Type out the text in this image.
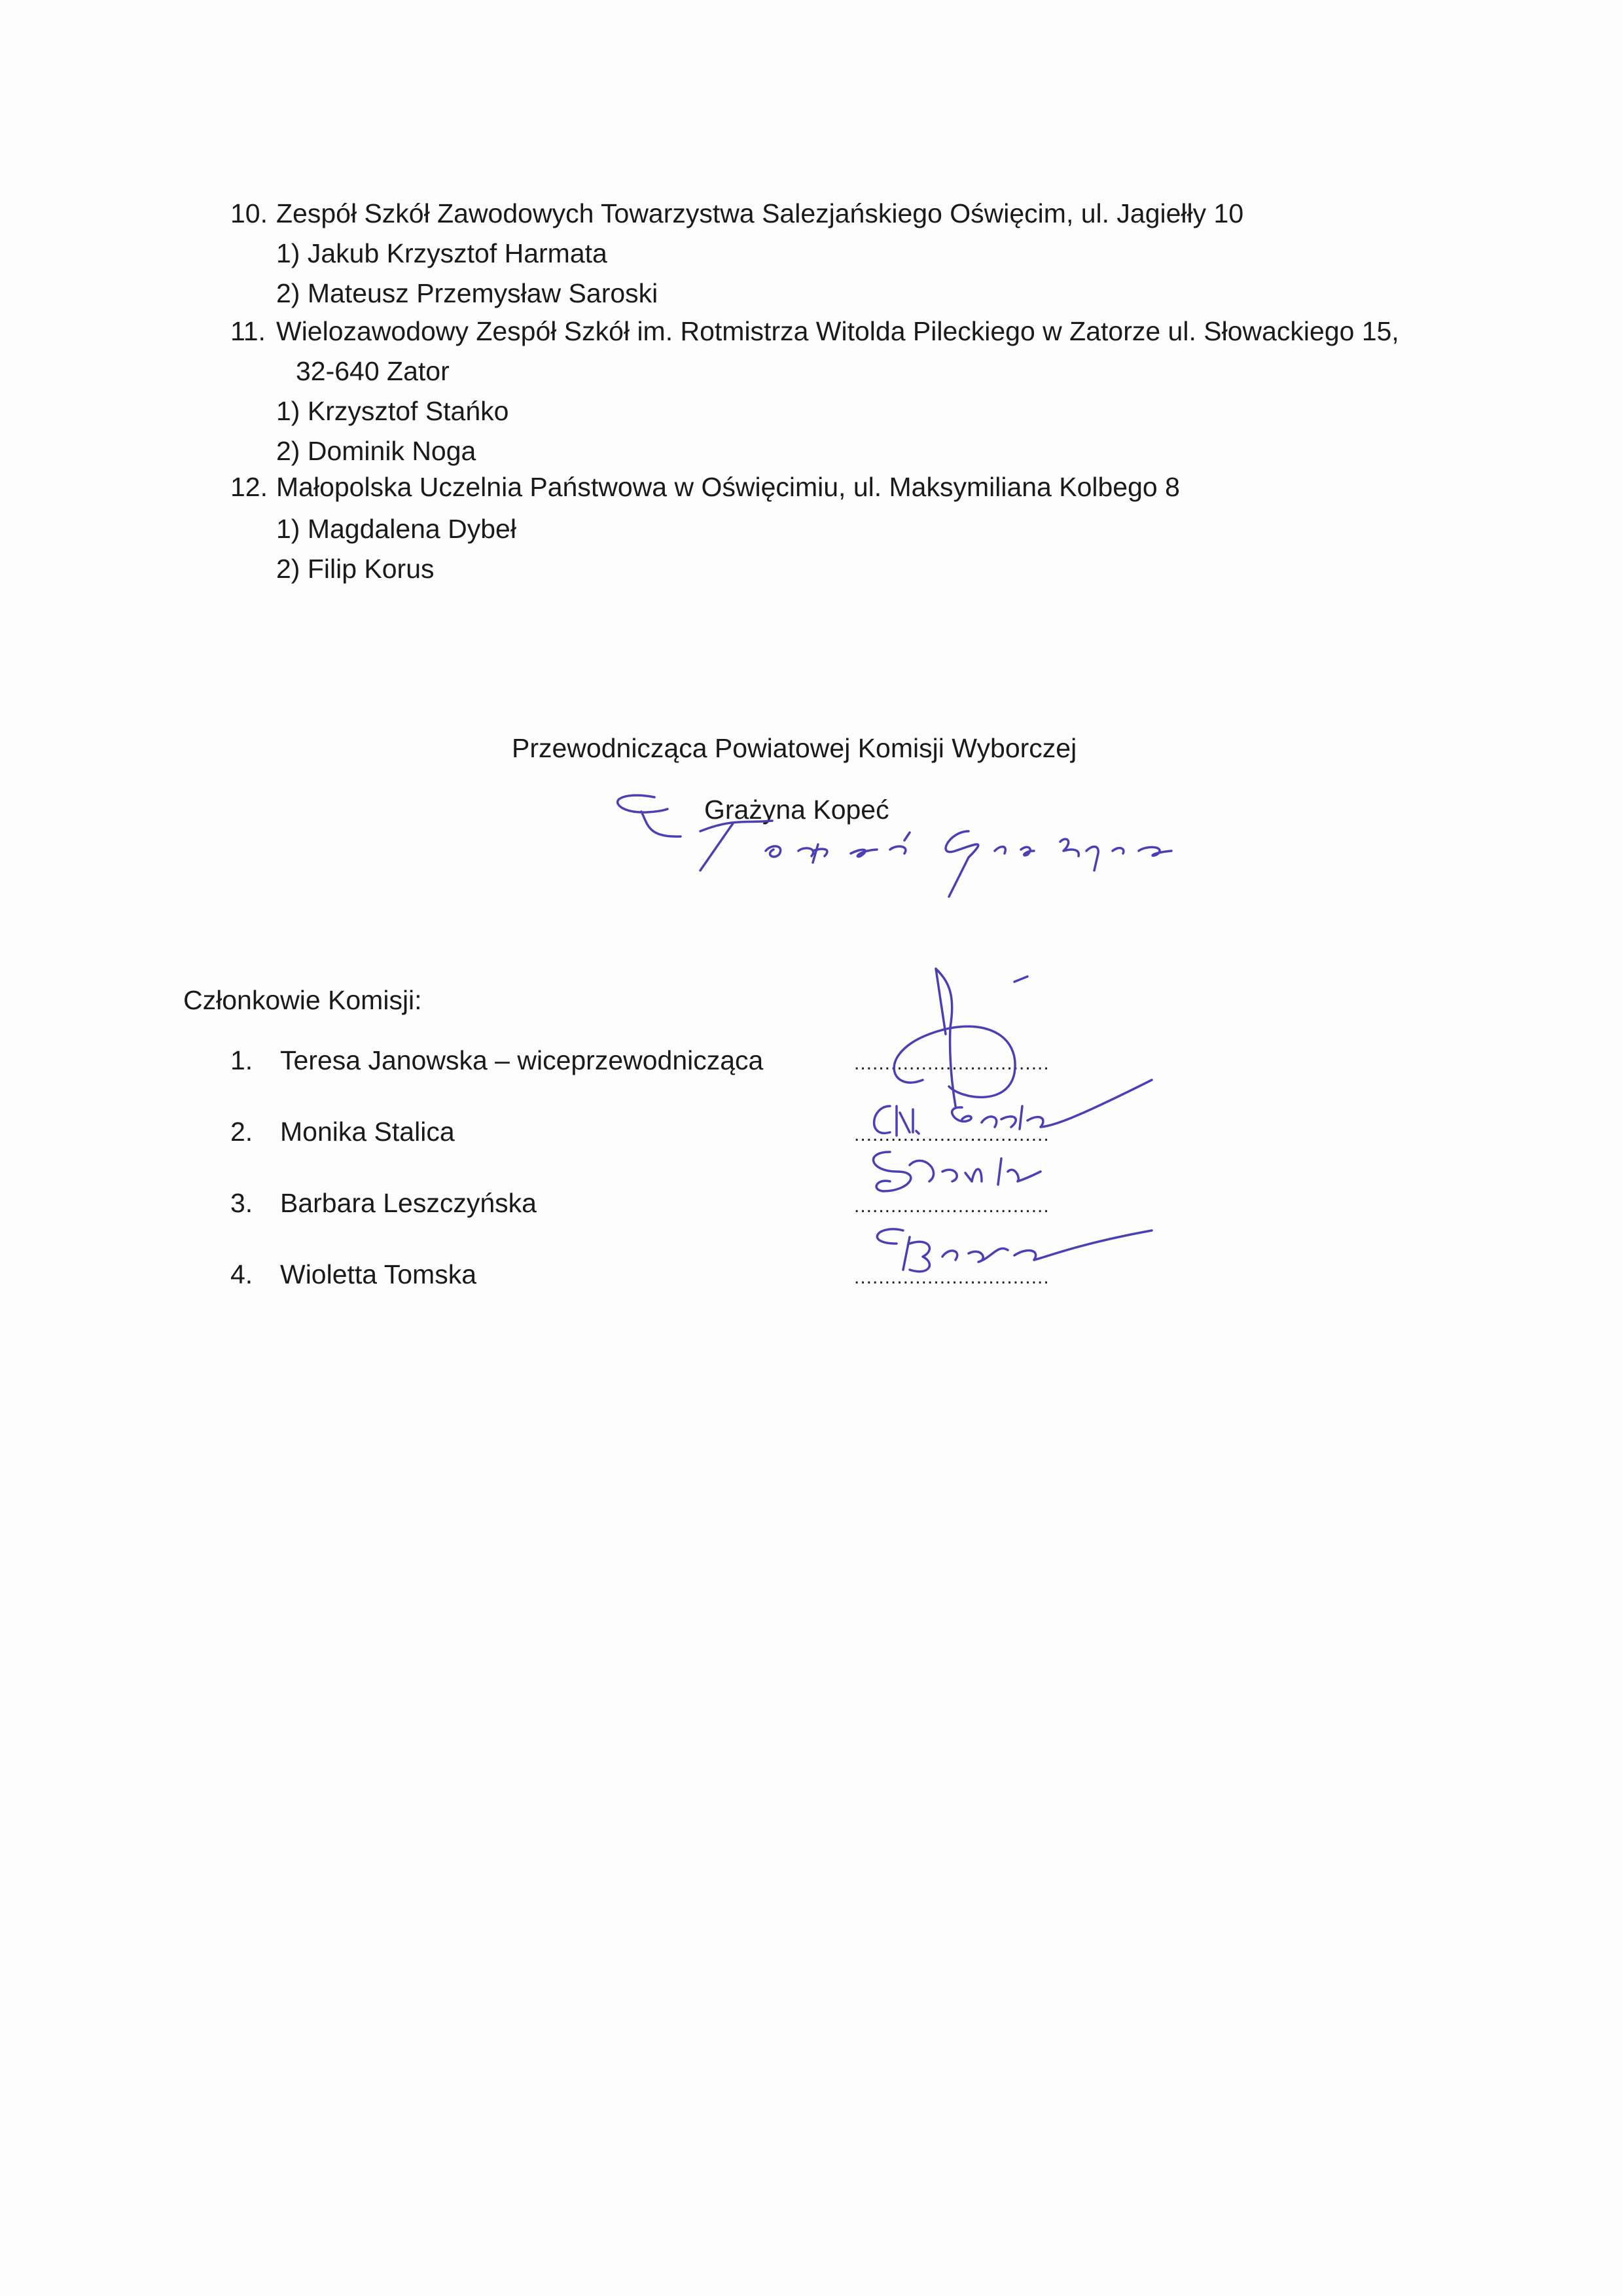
10. Zespół Szkół Zawodowych Towarzystwa Salezjańskiego Oświęcim, ul. Jagiełły 10
1) Jakub Krzysztof Harmata
2) Mateusz Przemysław Saroski
11. Wielozawodowy Zespół Szkół im. Rotmistrza Witolda Pileckiego w Zatorze ul. Słowackiego 15,
32-640 Zator
1) Krzysztof Stańko
2) Dominik Noga
12. Małopolska Uczelnia Państwowa w Oświęcimiu, ul. Maksymiliana Kolbego 8
1) Magdalena Dybeł
2) Filip Korus
Przewodnicząca Powiatowej Komisji Wyborczej
Grażyna Kopeć
Członkowie Komisji:
1. Teresa Janowska – wiceprzewodnicząca	................................
2. Monika Stalica	................................
3. Barbara Leszczyńska	................................
4. Wioletta Tomska	................................
